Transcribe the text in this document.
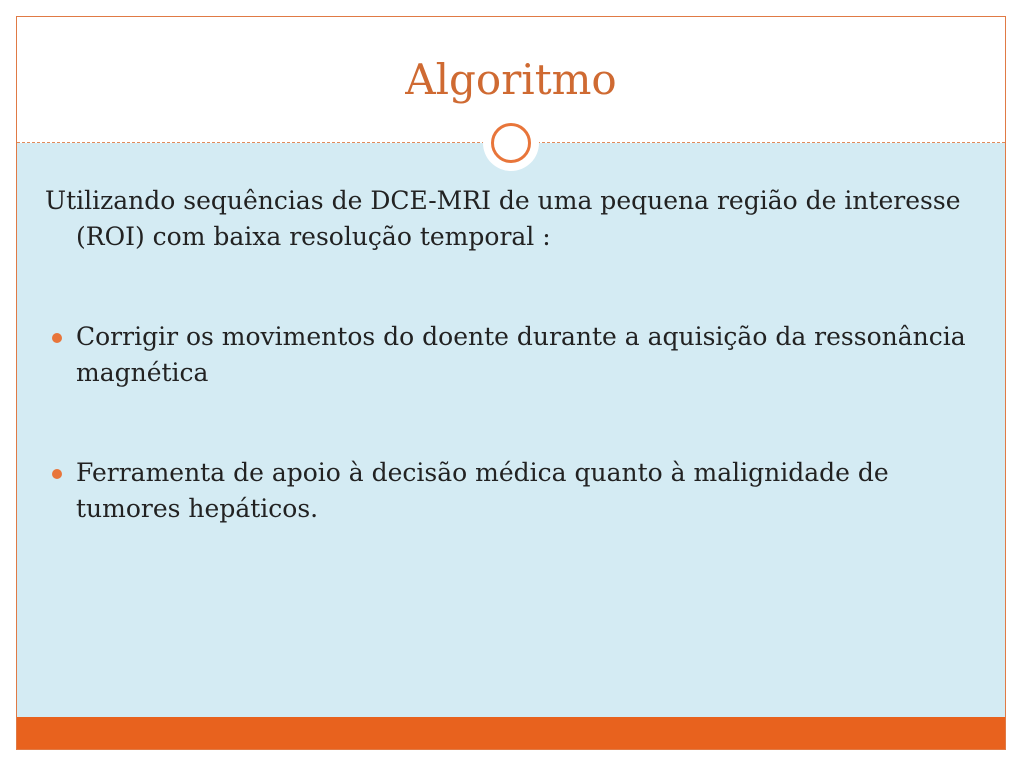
Algoritmo

Utilizando sequências de DCE-MRI de uma pequena região de interesse (ROI) com baixa resolução temporal :

Corrigir os movimentos do doente durante a aquisição da ressonância magnética
Ferramenta de apoio à decisão médica quanto à malignidade de tumores hepáticos.
